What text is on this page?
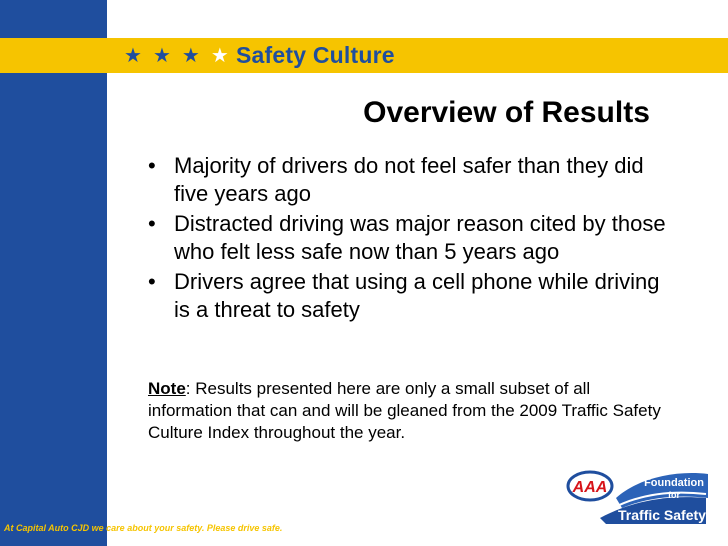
★ ★ ★ ★ Safety Culture
Overview of Results
• Majority of drivers do not feel safer than they did five years ago
• Distracted driving was major reason cited by those who felt less safe now than 5 years ago
• Drivers agree that using a cell phone while driving is a threat to safety
Note: Results presented here are only a small subset of all information that can and will be gleaned from the 2009 Traffic Safety Culture Index throughout the year.
At Capital Auto CJD we care about your safety. Please drive safe.
AAA	Foundation
for
Traffic Safety
